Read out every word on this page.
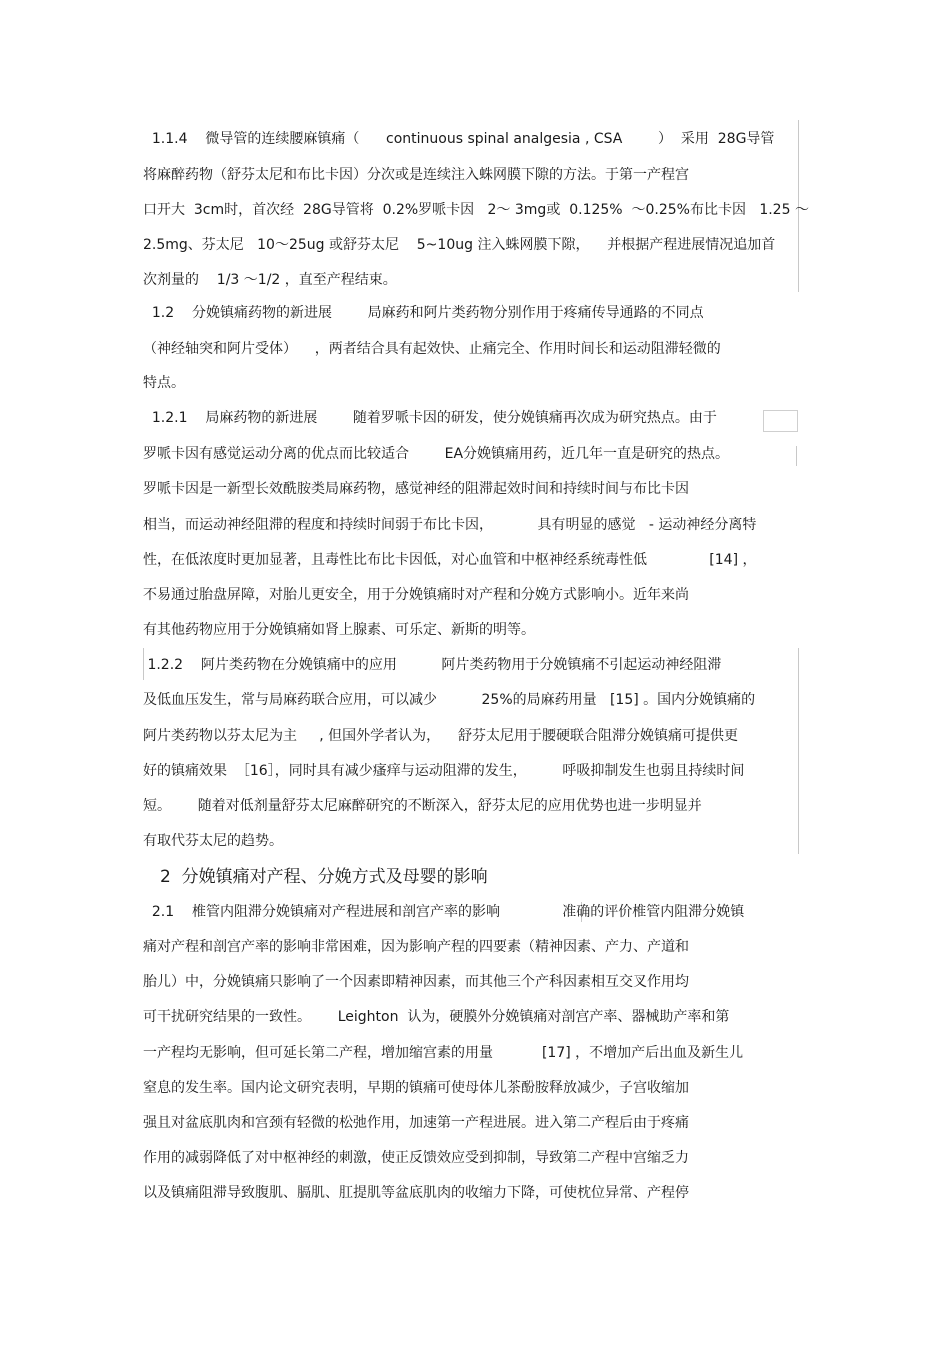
1.1.4    微导管的连续腰麻镇痛（      continuous spinal analgesia , CSA        ）  采用  28G导管
将麻醉药物（舒芬太尼和布比卡因）分次或是连续注入蛛网膜下隙的方法。于第一产程宫
口开大  3cm时，首次经  28G导管将  0.2%罗哌卡因   2～ 3mg或  0.125%  ～0.25%布比卡因   1.25 ～
2.5mg、芬太尼   10～25ug 或舒芬太尼    5~10ug 注入蛛网膜下隙，    并根据产程进展情况追加首
次剂量的    1/3 ～1/2 ，直至产程结束。
1.2    分娩镇痛药物的新进展        局麻药和阿片类药物分别作用于疼痛传导通路的不同点
（神经轴突和阿片受体）    ，两者结合具有起效快、止痛完全、作用时间长和运动阻滞轻微的
特点。
1.2.1    局麻药物的新进展        随着罗哌卡因的研发，使分娩镇痛再次成为研究热点。由于
罗哌卡因有感觉运动分离的优点而比较适合        EA分娩镇痛用药，近几年一直是研究的热点。
罗哌卡因是一新型长效酰胺类局麻药物，感觉神经的阻滞起效时间和持续时间与布比卡因
相当，而运动神经阻滞的程度和持续时间弱于布比卡因，          具有明显的感觉   - 运动神经分离特
性，在低浓度时更加显著，且毒性比布比卡因低，对心血管和中枢神经系统毒性低              [14] ，
不易通过胎盘屏障，对胎儿更安全，用于分娩镇痛时对产程和分娩方式影响小。近年来尚
有其他药物应用于分娩镇痛如肾上腺素、可乐定、新斯的明等。
1.2.2    阿片类药物在分娩镇痛中的应用          阿片类药物用于分娩镇痛不引起运动神经阻滞
及低血压发生，常与局麻药联合应用，可以减少          25%的局麻药用量   [15] 。国内分娩镇痛的
阿片类药物以芬太尼为主     , 但国外学者认为，    舒芬太尼用于腰硬联合阻滞分娩镇痛可提供更
好的镇痛效果  ［16］，同时具有减少瘙痒与运动阻滞的发生，        呼吸抑制发生也弱且持续时间
短。      随着对低剂量舒芬太尼麻醉研究的不断深入，舒芬太尼的应用优势也进一步明显并
有取代芬太尼的趋势。
2  分娩镇痛对产程、分娩方式及母婴的影响
2.1    椎管内阻滞分娩镇痛对产程进展和剖宫产率的影响              准确的评价椎管内阻滞分娩镇
痛对产程和剖宫产率的影响非常困难，因为影响产程的四要素（精神因素、产力、产道和
胎儿）中，分娩镇痛只影响了一个因素即精神因素，而其他三个产科因素相互交叉作用均
可干扰研究结果的一致性。      Leighton  认为，硬膜外分娩镇痛对剖宫产率、器械助产率和第
一产程均无影响，但可延长第二产程，增加缩宫素的用量           [17] ，不增加产后出血及新生儿
窒息的发生率。国内论文研究表明，早期的镇痛可使母体儿茶酚胺释放减少，子宫收缩加
强且对盆底肌肉和宫颈有轻微的松弛作用，加速第一产程进展。进入第二产程后由于疼痛
作用的减弱降低了对中枢神经的刺激，使正反馈效应受到抑制，导致第二产程中宫缩乏力
以及镇痛阻滞导致腹肌、膈肌、肛提肌等盆底肌肉的收缩力下降，可使枕位异常、产程停
